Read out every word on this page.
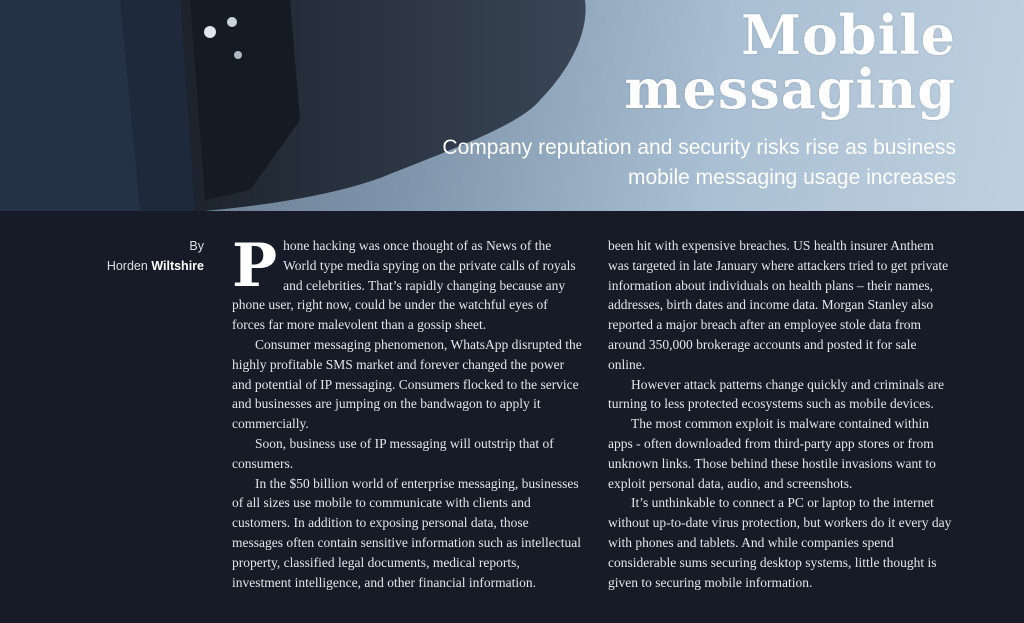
Mobile
messaging

Company reputation and security risks rise as business mobile messaging usage increases

By
Horden Wiltshire Phone hacking was once thought of as News of the World type media spying on the private calls of royals and celebrities. That’s rapidly changing because any phone user, right now, could be under the watchful eyes of forces far more malevolent than a gossip sheet.

Consumer messaging phenomenon, WhatsApp disrupted the highly profitable SMS market and forever changed the power and potential of IP messaging. Consumers flocked to the service and businesses are jumping on the bandwagon to apply it commercially.

Soon, business use of IP messaging will outstrip that of consumers.

In the $50 billion world of enterprise messaging, businesses of all sizes use mobile to communicate with clients and customers. In addition to exposing personal data, those messages often contain sensitive information such as intellectual property, classified legal documents, medical reports, investment intelligence, and other financial information.

been hit with expensive breaches. US health insurer Anthem was targeted in late January where attackers tried to get private information about individuals on health plans – their names, addresses, birth dates and income data. Morgan Stanley also reported a major breach after an employee stole data from around 350,000 brokerage accounts and posted it for sale online.

However attack patterns change quickly and criminals are turning to less protected ecosystems such as mobile devices.

The most common exploit is malware contained within apps - often downloaded from third-party app stores or from unknown links. Those behind these hostile invasions want to exploit personal data, audio, and screenshots.

It’s unthinkable to connect a PC or laptop to the internet without up-to-date virus protection, but workers do it every day with phones and tablets. And while companies spend considerable sums securing desktop systems, little thought is given to securing mobile information.
